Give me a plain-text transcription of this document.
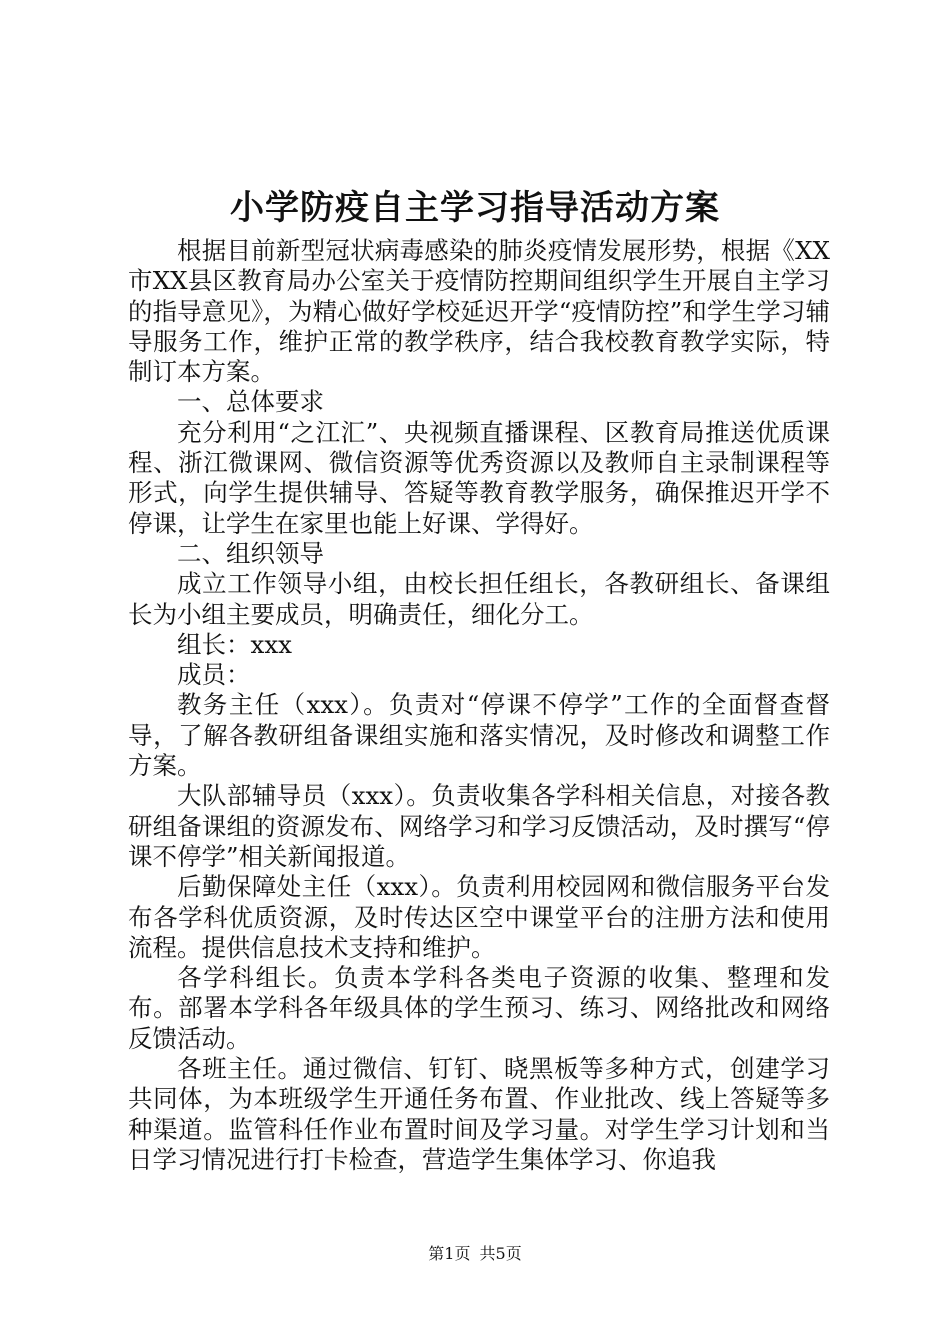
小学防疫自主学习指导活动方案

根据目前新型冠状病毒感染的肺炎疫情发展形势，根据《XX市XX县区教育局办公室关于疫情防控期间组织学生开展自主学习的指导意见》，为精心做好学校延迟开学“疫情防控”和学生学习辅导服务工作，维护正常的教学秩序，结合我校教育教学实际，特制订本方案。

一、总体要求

充分利用“之江汇”、央视频直播课程、区教育局推送优质课程、浙江微课网、微信资源等优秀资源以及教师自主录制课程等形式，向学生提供辅导、答疑等教育教学服务，确保推迟开学不停课，让学生在家里也能上好课、学得好。

二、组织领导

成立工作领导小组，由校长担任组长，各教研组长、备课组长为小组主要成员，明确责任，细化分工。

组长：xxx

成员：

教务主任（xxx）。负责对“停课不停学”工作的全面督查督导，了解各教研组备课组实施和落实情况，及时修改和调整工作方案。

大队部辅导员（xxx）。负责收集各学科相关信息，对接各教研组备课组的资源发布、网络学习和学习反馈活动，及时撰写“停课不停学”相关新闻报道。

后勤保障处主任（xxx）。负责利用校园网和微信服务平台发布各学科优质资源，及时传达区空中课堂平台的注册方法和使用流程。提供信息技术支持和维护。

各学科组长。负责本学科各类电子资源的收集、整理和发布。部署本学科各年级具体的学生预习、练习、网络批改和网络反馈活动。

各班主任。通过微信、钉钉、晓黑板等多种方式，创建学习共同体，为本班级学生开通任务布置、作业批改、线上答疑等多种渠道。监管科任作业布置时间及学习量。对学生学习计划和当日学习情况进行打卡检查，营造学生集体学习、你追我

第1页 共5页
